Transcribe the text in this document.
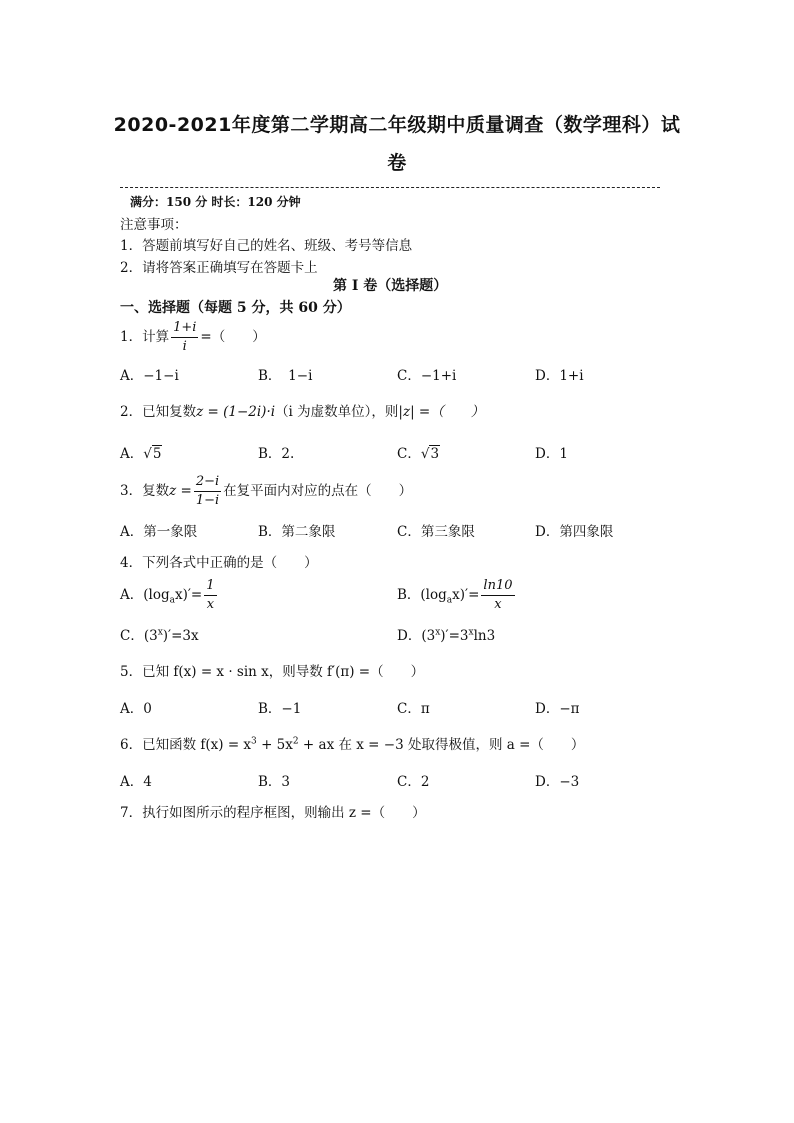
2020-2021年度第二学期高二年级期中质量调查（数学理科）试
卷
满分：150 分 时长：120 分钟
注意事项：
1．答题前填写好自己的姓名、班级、考号等信息
2．请将答案正确填写在答题卡上
第 I 卷（选择题）
一、选择题（每题 5 分，共 60 分）
1．计算 $\frac{1+i}{i}$ =（　　）
A．−1−i	B．　1−i	C．−1+i	D．1+i
2．已知复数z = (1−2i)·i（i 为虚数单位），则|z| =（　　）
A．√5	B．2.	C．√3	D．1
3．复数$z = \frac{2-i}{1-i}$ 在复平面内对应的点在（　　）
A．第一象限	B．第二象限	C．第三象限	D．第四象限
4．下列各式中正确的是（　　）
A．$(\log_ax)'= \frac{1}{x}$	B．$(\log_ax)'= \frac{\ln 10}{x}$
C．$(3^x)'=3x$	D．$(3^x)'=3^x\ln 3$
5．已知 f(x) = x · sin x，则导数 f′(π) =（　　）
A．0	B．−1	C．π	D．−π
6．已知函数 $f(x) = x^3 + 5x^2$ + ax 在 x = −3 处取得极值，则 a =（　　）
A．4	B．3	C．2	D．−3
7．执行如图所示的程序框图，则输出 z =（　　）
